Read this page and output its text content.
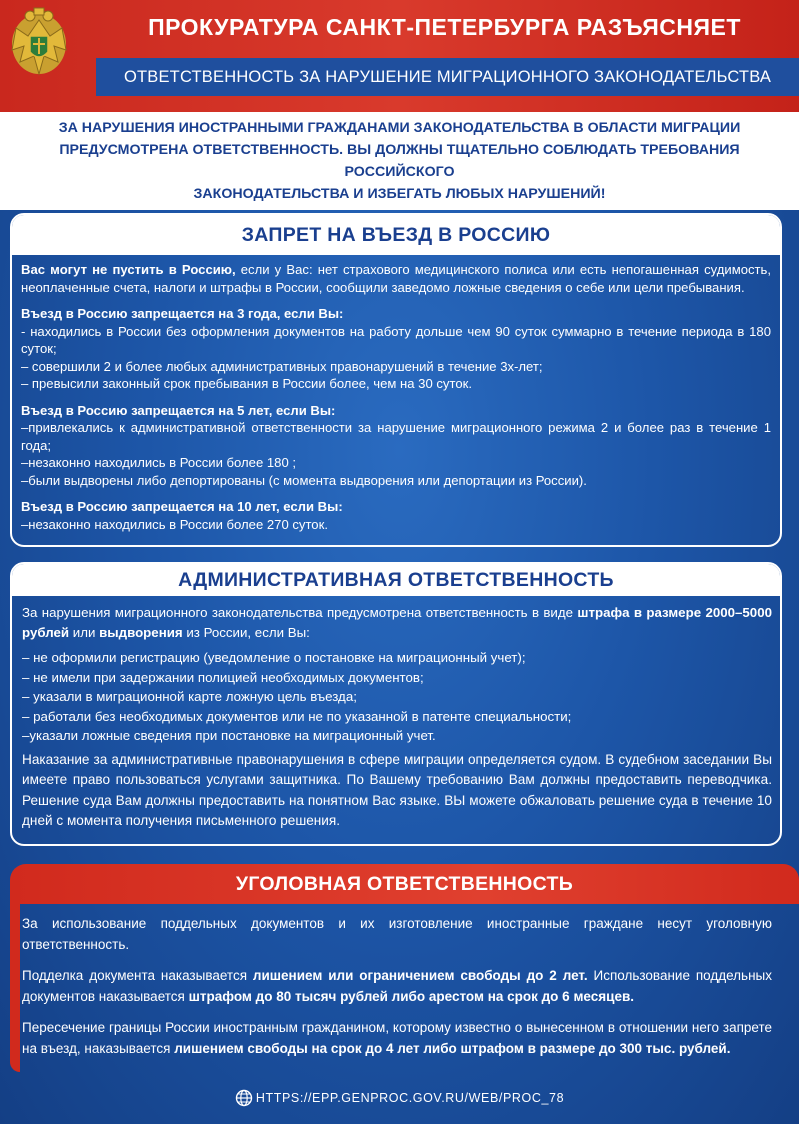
ПРОКУРАТУРА САНКТ-ПЕТЕРБУРГА РАЗЪЯСНЯЕТ
ОТВЕТСТВЕННОСТЬ ЗА НАРУШЕНИЕ МИГРАЦИОННОГО ЗАКОНОДАТЕЛЬСТВА
ЗА НАРУШЕНИЯ ИНОСТРАННЫМИ ГРАЖДАНАМИ ЗАКОНОДАТЕЛЬСТВА В ОБЛАСТИ МИГРАЦИИ
ПРЕДУСМОТРЕНА ОТВЕТСТВЕННОСТЬ. ВЫ ДОЛЖНЫ ТЩАТЕЛЬНО СОБЛЮДАТЬ ТРЕБОВАНИЯ РОССИЙСКОГО
ЗАКОНОДАТЕЛЬСТВА И ИЗБЕГАТЬ ЛЮБЫХ НАРУШЕНИЙ!
ЗАПРЕТ НА ВЪЕЗД В РОССИЮ

Вас могут не пустить в Россию, если у Вас: нет страхового медицинского полиса или есть непогашенная судимость, неоплаченные счета, налоги и штрафы в России, сообщили заведомо ложные сведения о себе или цели пребывания.

Въезд в Россию запрещается на 3 года, если Вы:

- находились в России без оформления документов на работу дольше чем 90 суток суммарно в течение периода в 180 суток;

– совершили 2 и более любых административных правонарушений в течение 3х-лет;

– превысили законный срок пребывания в России более, чем на 30 суток.

Въезд в Россию запрещается на 5 лет, если Вы:

–привлекались к административной ответственности за нарушение миграционного режима 2 и более раз в течение 1 года;

–незаконно находились в России более 180 ;

–были выдворены либо депортированы (с момента выдворения или депортации из России).

Въезд в Россию запрещается на 10 лет, если Вы:

–незаконно находились в России более 270 суток.

АДМИНИСТРАТИВНАЯ ОТВЕТСТВЕННОСТЬ

За нарушения миграционного законодательства предусмотрена ответственность в виде штрафа в размере 2000–5000 рублей или выдворения из России, если Вы:

– не оформили регистрацию (уведомление о постановке на миграционный учет);

– не имели при задержании полицией необходимых документов;

– указали в миграционной карте ложную цель въезда;

– работали без необходимых документов или не по указанной в патенте специальности;

–указали ложные сведения при постановке на миграционный учет.

Наказание за административные правонарушения в сфере миграции определяется судом. В судебном заседании Вы имеете право пользоваться услугами защитника. По Вашему требованию Вам должны предоставить переводчика. Решение суда Вам должны предоставить на понятном Вас языке. ВЫ можете обжаловать решение суда в течение 10 дней с момента получения письменного решения.

УГОЛОВНАЯ ОТВЕТСТВЕННОСТЬ

За использование поддельных документов и их изготовление иностранные граждане несут уголовную ответственность.

Подделка документа наказывается лишением или ограничением свободы до 2 лет. Использование поддельных документов наказывается штрафом до 80 тысяч рублей либо арестом на срок до 6 месяцев.

Пересечение границы России иностранным гражданином, которому известно о вынесенном в отношении него запрете на въезд, наказывается лишением свободы на срок до 4 лет либо штрафом в размере до 300 тыс. рублей.

HTTPS://EPP.GENPROC.GOV.RU/WEB/PROC_78
